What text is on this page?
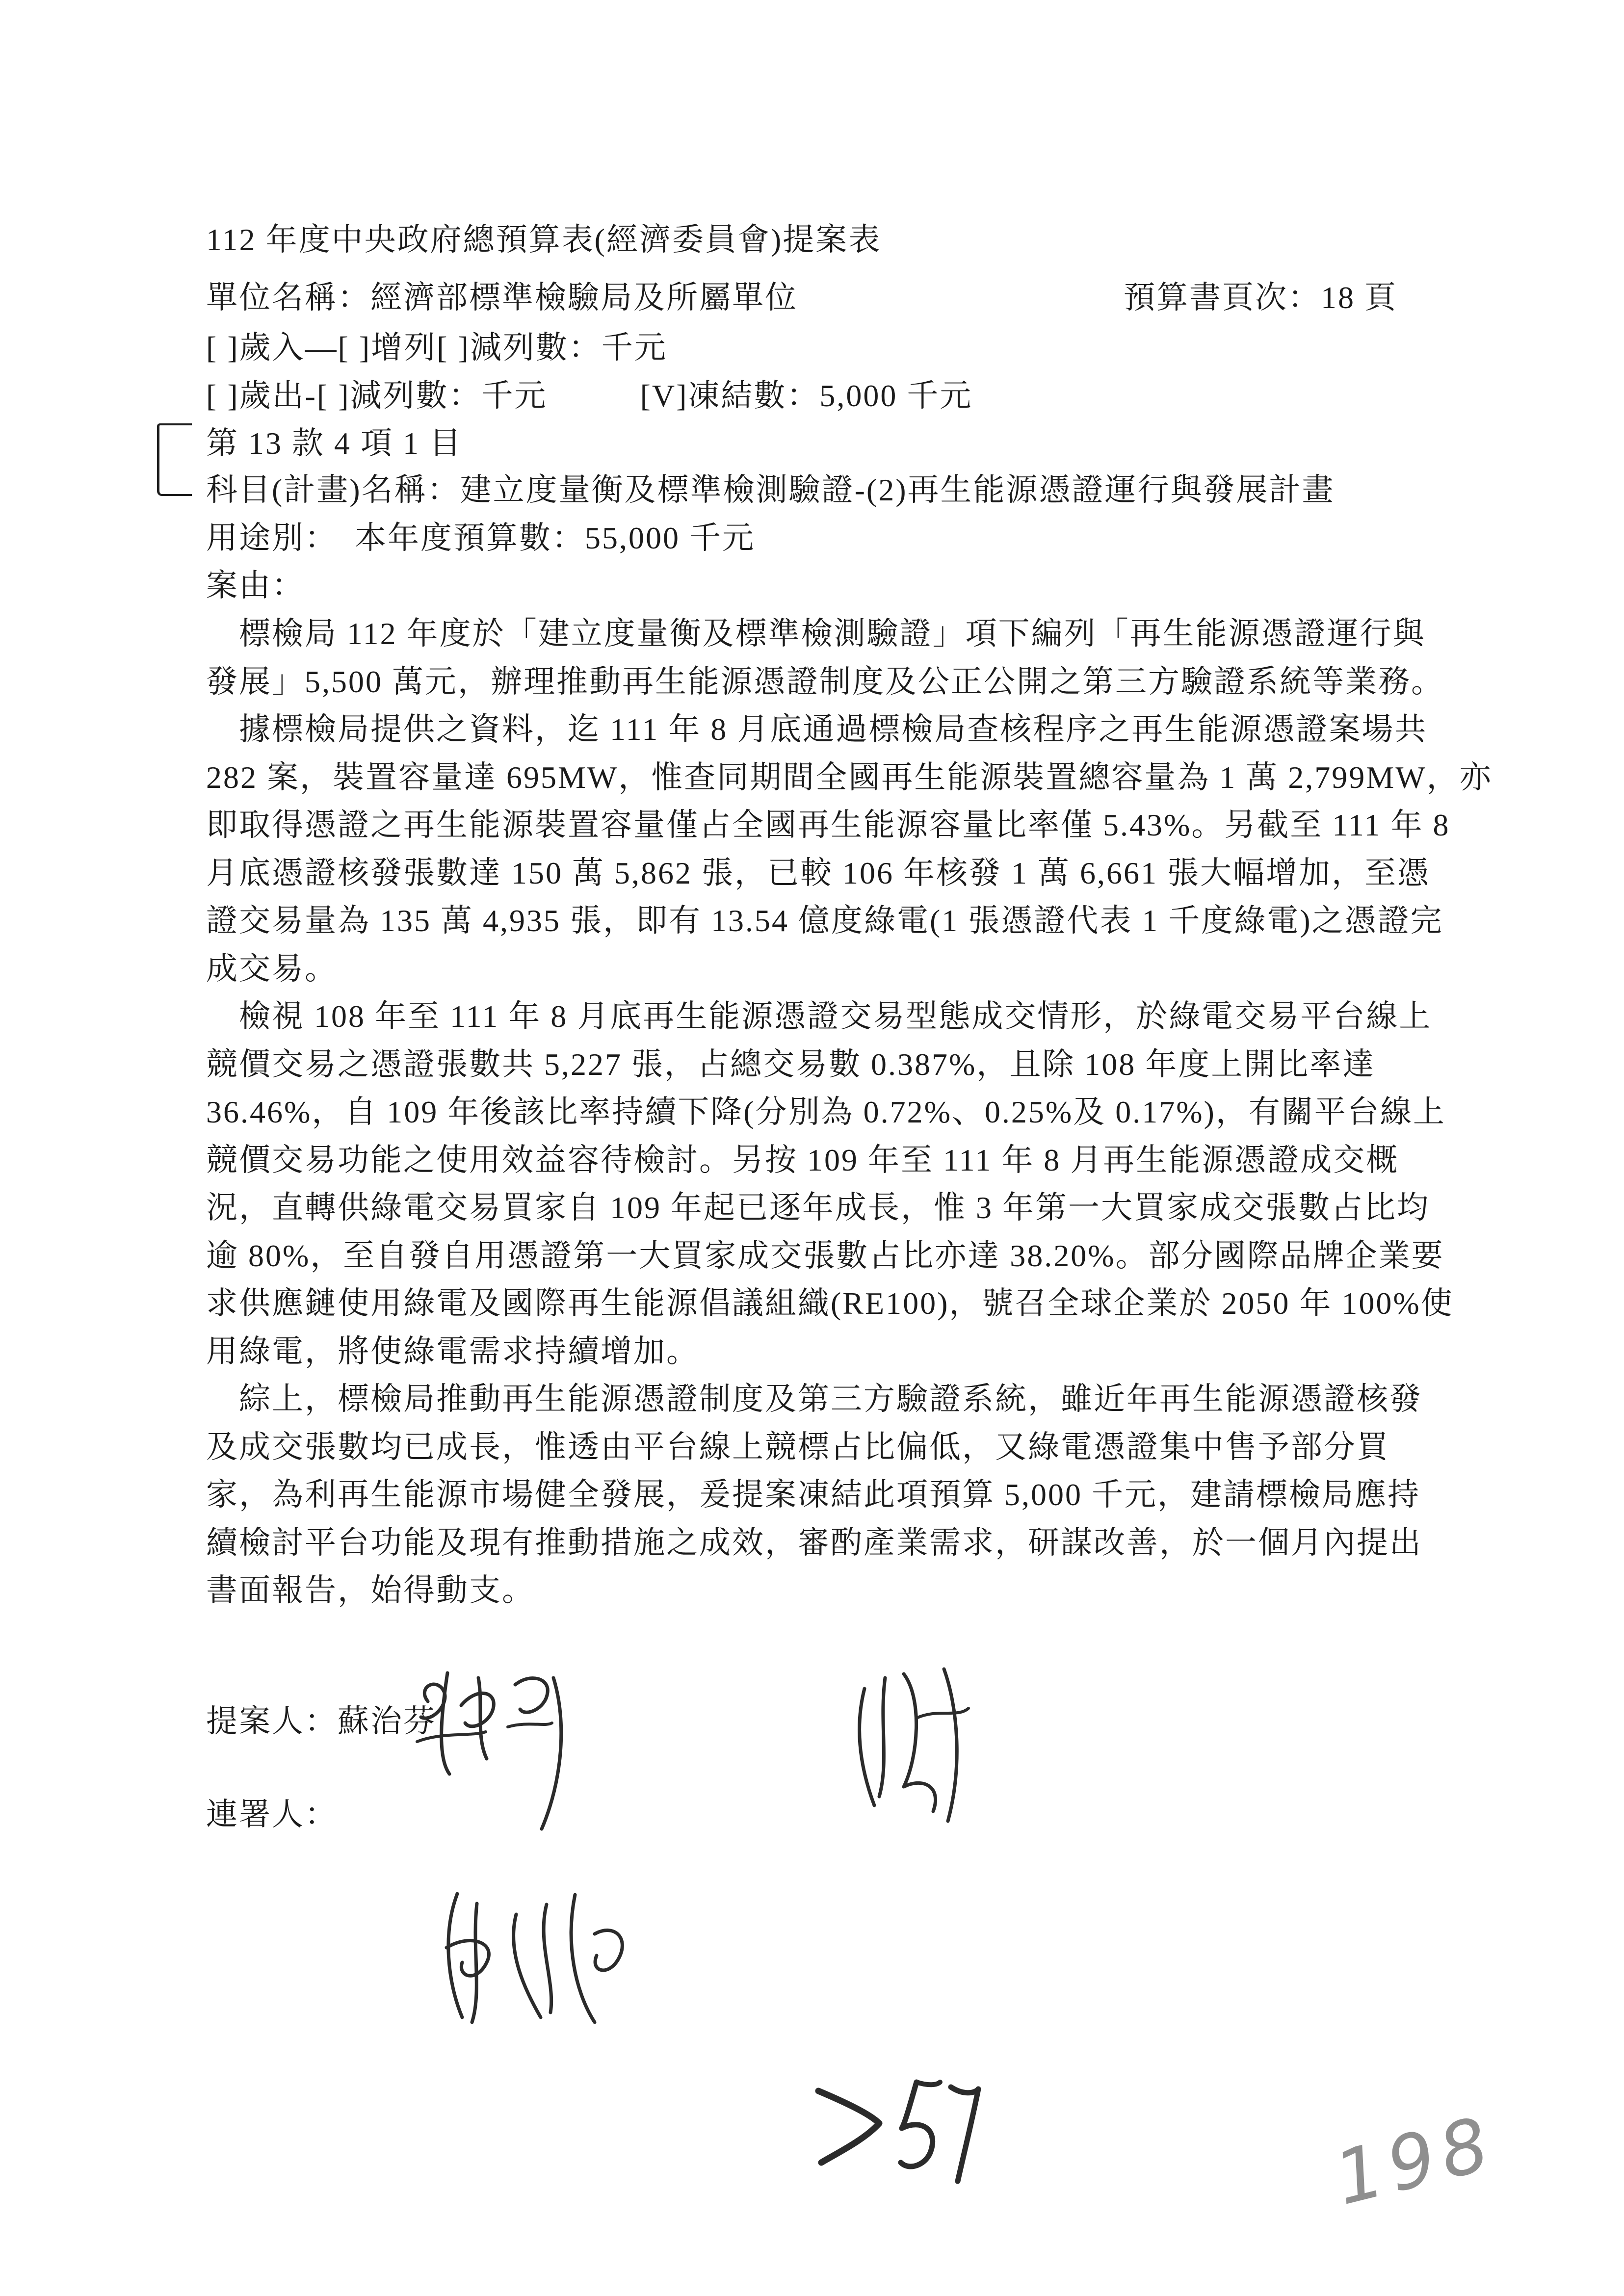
112 年度中央政府總預算表(經濟委員會)提案表
單位名稱：經濟部標準檢驗局及所屬單位	預算書頁次：18 頁
[ ]歲入—[ ]增列[ ]減列數：千元
[ ]歲出-[ ]減列數：千元	[V]凍結數：5,000 千元
第 13 款 4 項 1 目
科目(計畫)名稱：建立度量衡及標準檢測驗證-(2)再生能源憑證運行與發展計畫
用途別：　本年度預算數：55,000 千元
案由：
　標檢局 112 年度於「建立度量衡及標準檢測驗證」項下編列「再生能源憑證運行與
發展」5,500 萬元，辦理推動再生能源憑證制度及公正公開之第三方驗證系統等業務。
　據標檢局提供之資料，迄 111 年 8 月底通過標檢局查核程序之再生能源憑證案場共
282 案，裝置容量達 695MW，惟查同期間全國再生能源裝置總容量為 1 萬 2,799MW，亦
即取得憑證之再生能源裝置容量僅占全國再生能源容量比率僅 5.43%。另截至 111 年 8
月底憑證核發張數達 150 萬 5,862 張，已較 106 年核發 1 萬 6,661 張大幅增加，至憑
證交易量為 135 萬 4,935 張，即有 13.54 億度綠電(1 張憑證代表 1 千度綠電)之憑證完
成交易。
　檢視 108 年至 111 年 8 月底再生能源憑證交易型態成交情形，於綠電交易平台線上
競價交易之憑證張數共 5,227 張，占總交易數 0.387%，且除 108 年度上開比率達
36.46%，自 109 年後該比率持續下降(分別為 0.72%、0.25%及 0.17%)，有關平台線上
競價交易功能之使用效益容待檢討。另按 109 年至 111 年 8 月再生能源憑證成交概
況，直轉供綠電交易買家自 109 年起已逐年成長，惟 3 年第一大買家成交張數占比均
逾 80%，至自發自用憑證第一大買家成交張數占比亦達 38.20%。部分國際品牌企業要
求供應鏈使用綠電及國際再生能源倡議組織(RE100)，號召全球企業於 2050 年 100%使
用綠電，將使綠電需求持續增加。
　綜上，標檢局推動再生能源憑證制度及第三方驗證系統，雖近年再生能源憑證核發
及成交張數均已成長，惟透由平台線上競標占比偏低，又綠電憑證集中售予部分買
家，為利再生能源市場健全發展，爰提案凍結此項預算 5,000 千元，建請標檢局應持
續檢討平台功能及現有推動措施之成效，審酌產業需求，研謀改善，於一個月內提出
書面報告，始得動支。
提案人：蘇治芬
連署人：
198
